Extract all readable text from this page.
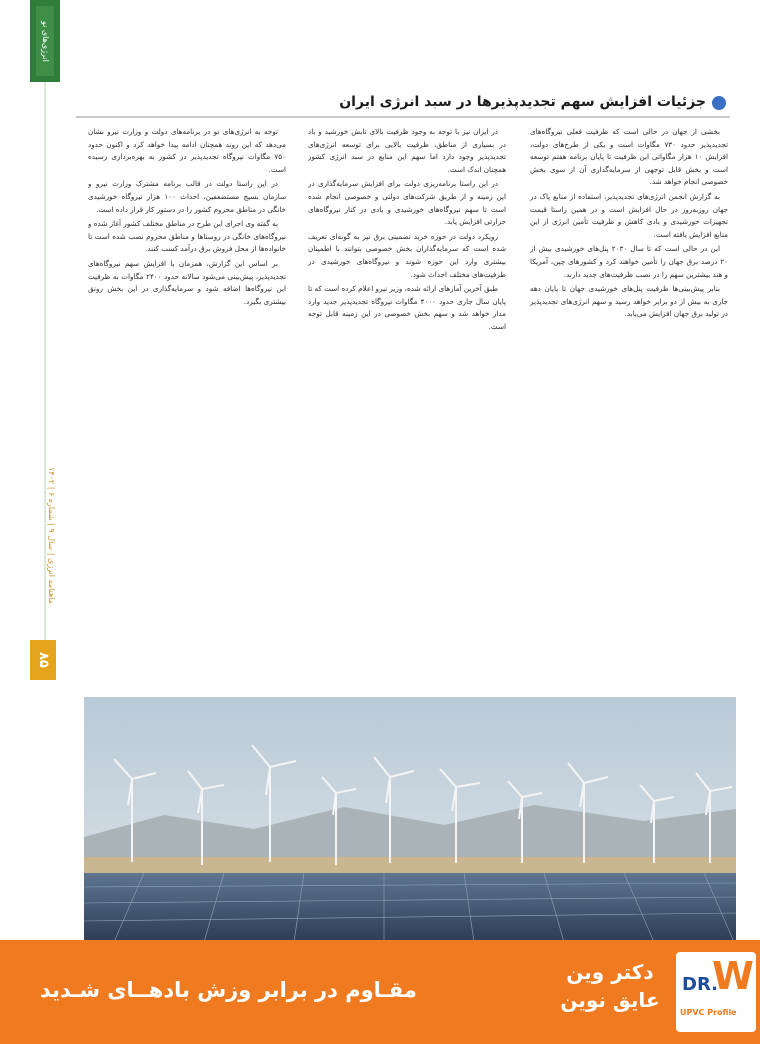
انرژی‌های نو
ماهنامه انرژی | سال ۹ | شماره ۶ | ۱۴۰۲
۸۵
جزئیات افزایش سهم تجدیدپذیرها در سبد انرژی ایران

بخشی از جهان در حالی است که ظرفیت فعلی نیروگاه‌های تجدیدپذیر حدود ۷۳۰ مگاوات است و یکی از طرح‌های دولت، افزایش ۱۰ هزار مگاواتی این ظرفیت تا پایان برنامه هفتم توسعه است و بخش قابل توجهی از سرمایه‌گذاری آن از سوی بخش خصوصی انجام خواهد شد.

به گزارش انجمن انرژی‌های تجدیدپذیر، استفاده از منابع پاک در جهان روزبه‌روز در حال افزایش است و در همین راستا قیمت تجهیزات خورشیدی و بادی کاهش و ظرفیت تأمین انرژی از این منابع افزایش یافته است.

این در حالی است که تا سال ۲۰۳۰ پنل‌های خورشیدی بیش از ۲۰ درصد برق جهان را تأمین خواهند کرد و کشورهای چین، آمریکا و هند بیشترین سهم را در نصب ظرفیت‌های جدید دارند.

بنابر پیش‌بینی‌ها ظرفیت پنل‌های خورشیدی جهان تا پایان دهه جاری به بیش از دو برابر خواهد رسید و سهم انرژی‌های تجدیدپذیر در تولید برق جهان افزایش می‌یابد.

در ایران نیز با توجه به وجود ظرفیت بالای تابش خورشید و باد در بسیاری از مناطق، ظرفیت بالایی برای توسعه انرژی‌های تجدیدپذیر وجود دارد اما سهم این منابع در سبد انرژی کشور همچنان اندک است.

در این راستا برنامه‌ریزی دولت برای افزایش سرمایه‌گذاری در این زمینه و از طریق شرکت‌های دولتی و خصوصی انجام شده است تا سهم نیروگاه‌های خورشیدی و بادی در کنار نیروگاه‌های حرارتی افزایش یابد.

رویکرد دولت در حوزه خرید تضمینی برق نیز به گونه‌ای تعریف شده است که سرمایه‌گذاران بخش خصوصی بتوانند با اطمینان بیشتری وارد این حوزه شوند و نیروگاه‌های خورشیدی در ظرفیت‌های مختلف احداث شود.

طبق آخرین آمارهای ارائه شده، وزیر نیرو اعلام کرده است که تا پایان سال جاری حدود ۴۰۰۰ مگاوات نیروگاه تجدیدپذیر جدید وارد مدار خواهد شد و سهم بخش خصوصی در این زمینه قابل توجه است.

توجه به انرژی‌های نو در برنامه‌های دولت و وزارت نیرو نشان می‌دهد که این روند همچنان ادامه پیدا خواهد کرد و اکنون حدود ۷۵۰ مگاوات نیروگاه تجدیدپذیر در کشور به بهره‌برداری رسیده است.

در این راستا دولت در قالب برنامه مشترک وزارت نیرو و سازمان بسیج مستضعفین، احداث ۱۰۰ هزار نیروگاه خورشیدی خانگی در مناطق محروم کشور را در دستور کار قرار داده است.

به گفته وی اجرای این طرح در مناطق مختلف کشور آغاز شده و نیروگاه‌های خانگی در روستاها و مناطق محروم نصب شده است تا خانواده‌ها از محل فروش برق درآمد کسب کنند.

بر اساس این گزارش، همزمان با افزایش سهم نیروگاه‌های تجدیدپذیر، پیش‌بینی می‌شود سالانه حدود ۲۴۰۰ مگاوات به ظرفیت این نیروگاه‌ها اضافه شود و سرمایه‌گذاری در این بخش رونق بیشتری بگیرد.

مقـاوم در برابر وزش بادهــای شـدید
دکتر وین
عایق نوین
DR.
W
UPVC Profile
